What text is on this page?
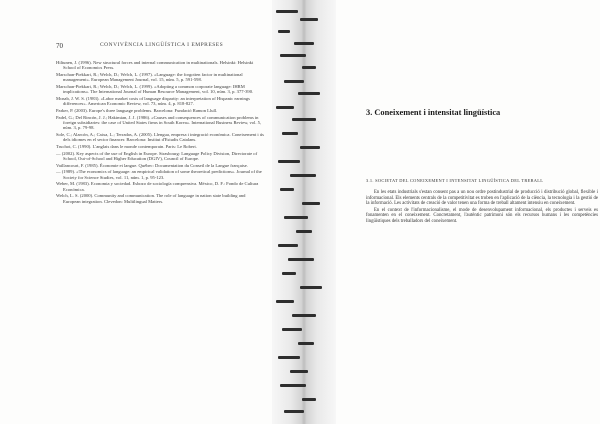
70	CONVIVÈNCIA LINGÜÍSTICA I EMPRESES
Hiltunen, J. (1996). New structural forces and internal communication in multinationals. Helsinki: Helsinki School of Economics Press.
Marschan-Piekkari, R.; Welch, D.; Welch, L. (1997). «Language: the forgotten factor in multinational management». European Management Journal, vol. 15, núm. 5, p. 591-598.
Marschan-Piekkari, R.; Welch, D.; Welch, L. (1999). «Adopting a common corporate language: IHRM implications». The International Journal of Human Resource Management, vol. 10, núm. 3, p. 377-390.
Mcnab, J. W. S. (1983). «Labor market costs of language disparity: an interpretation of Hispanic earnings differences». American Economic Review, vol. 73, núm. 4, p. 818-827.
Parker, P. (2003). Europe's three language problems. Barcelona: Fundació Ramon Llull.
Padel, G.; Del Rincón, J. J.; Hakimian, J. J. (1986). «Causes and consequences of communication problems in foreign subsidiaries: the case of United States firms in South Korea». International Business Review, vol. 5, núm. 3, p. 79-98.
Sole, C.; Alarcón, A.; Caixa, L.; Terradas, A. (2005). Llengua, empresa i integració econòmica. Coneixement i ús dels idiomes en el sector financer. Barcelona: Institut d'Estudis Catalans.
Truchot, C. (1990). L'anglais dans le monde contemporain. Paris: Le Robert.
— (2002). Key aspects of the use of English in Europe. Strasbourg: Language Policy Division, Directorate of School, Out-of-School and Higher Education (DGIV), Council of Europe.
Vaillancourt, F. (1985). Économie et langue. Québec: Documentation du Conseil de la Langue française.
— (1989). «The economics of language: an empirical validation of some theoretical predictions». Journal of the Society for Science Studies, vol. 11, núm. 1, p. 95-123.
Weber, M. (1983). Economia y sociedad. Esbozo de sociología comprensiva. México, D. F.: Fondo de Cultura Económica.
Welch, L. S. (2000). Community and communication. The role of language in nation state building and European integration. Clevedon: Multilingual Matters.
3. Coneixement i intensitat lingüística
3.1. SOCIETAT DEL CONEIXEMENT I INTENSITAT LINGÜÍSTICA DEL TREBALL

En les etats industrials s'estan consent pas a un nou ordre postindustrial de producció i distribució global, flexible i informacional. Els elements centrals de la competitivitat es troben en l'aplicació de la ciència, la tecnologia i la gestió de la informació. Les activitats de creació de valor tenen una forma de treball altament intensiu en coneixement.

En el context de l'informacionalisme, el mode de desenvolupament informacional, els productes i serveis es fonamenten en el coneixement. Concretament, l'autèntic patrimoni són els recursos humans i les competències lingüístiques dels treballadors del coneixement.
